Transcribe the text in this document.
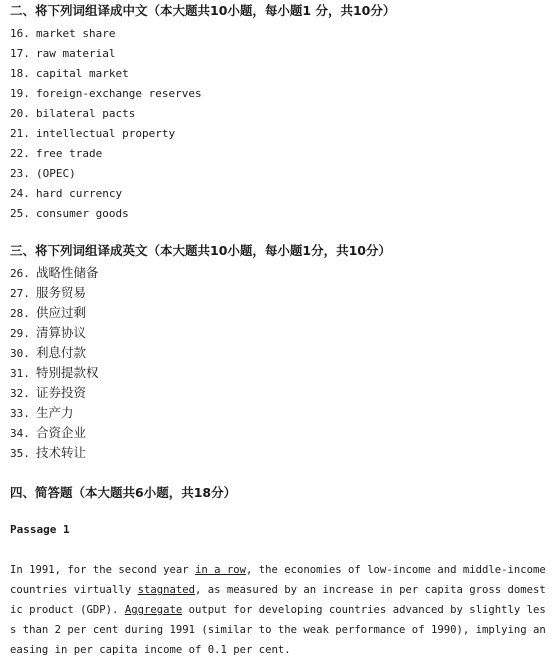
二、将下列词组译成中文（本大题共10小题，每小题1 分，共10分）
16. market share
17. raw material
18. capital market
19. foreign-exchange reserves
20. bilateral pacts
21. intellectual property
22. free trade
23. (OPEC)
24. hard currency
25. consumer goods
三、将下列词组译成英文（本大题共10小题，每小题1分，共10分）
26. 战略性储备
27. 服务贸易
28. 供应过剩
29. 清算协议
30. 利息付款
31. 特别提款权
32. 证券投资
33. 生产力
34. 合资企业
35. 技术转让
四、简答题（本大题共6小题，共18分）
Passage 1
In 1991, for the second year in a row, the economies of low-income and middle-income
countries virtually stagnated, as measured by an increase in per capita gross domest
ic product (GDP). Aggregate output for developing countries advanced by slightly les
s than 2 per cent during 1991 (similar to the weak performance of 1990), implying an
easing in per capita income of 0.1 per cent.
